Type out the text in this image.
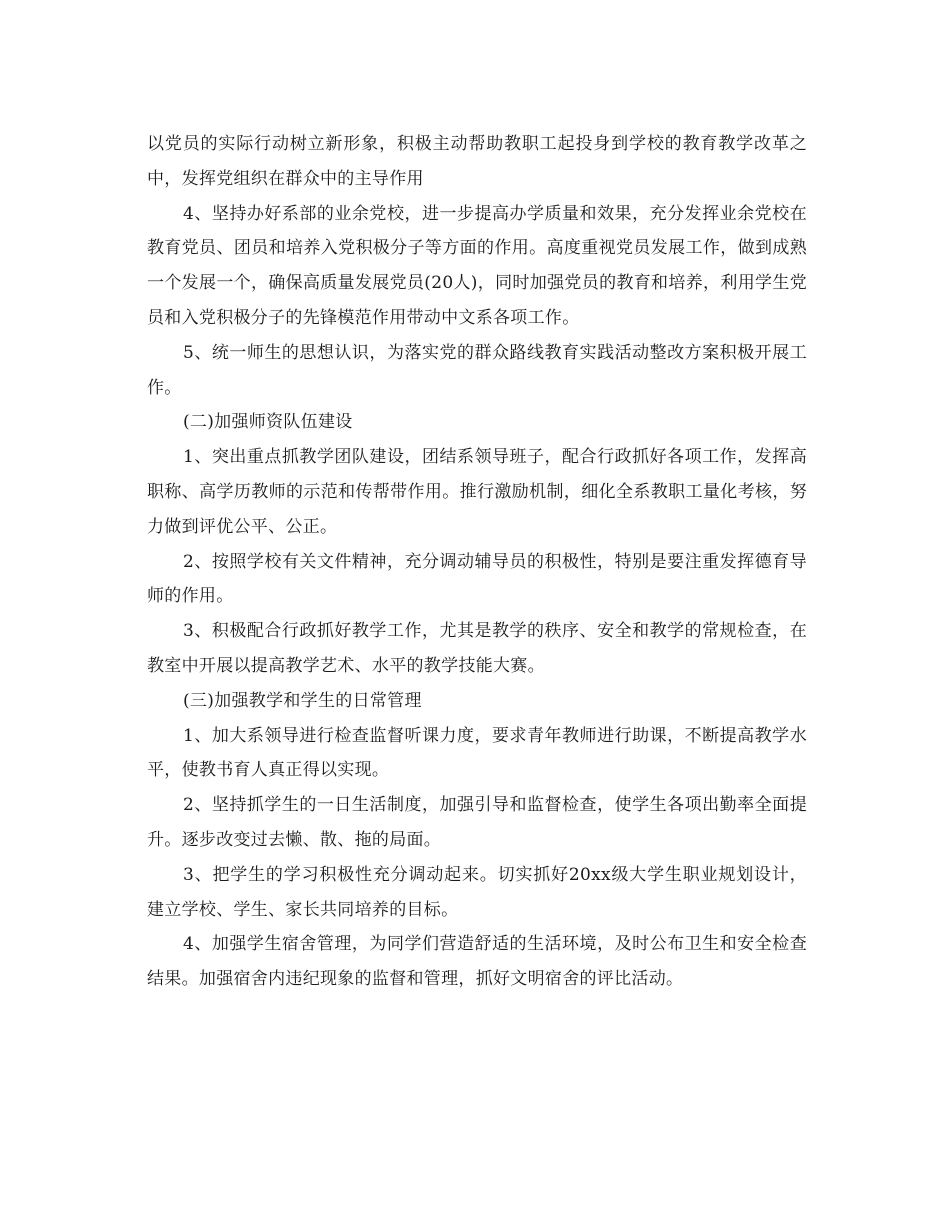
以党员的实际行动树立新形象，积极主动帮助教职工起投身到学校的教育教学改革之中，发挥党组织在群众中的主导作用

4、坚持办好系部的业余党校，进一步提高办学质量和效果，充分发挥业余党校在教育党员、团员和培养入党积极分子等方面的作用。高度重视党员发展工作，做到成熟一个发展一个，确保高质量发展党员(20人)，同时加强党员的教育和培养，利用学生党员和入党积极分子的先锋模范作用带动中文系各项工作。

5、统一师生的思想认识，为落实党的群众路线教育实践活动整改方案积极开展工作。

(二)加强师资队伍建设

1、突出重点抓教学团队建设，团结系领导班子，配合行政抓好各项工作，发挥高职称、高学历教师的示范和传帮带作用。推行激励机制，细化全系教职工量化考核，努力做到评优公平、公正。

2、按照学校有关文件精神，充分调动辅导员的积极性，特别是要注重发挥德育导师的作用。

3、积极配合行政抓好教学工作，尤其是教学的秩序、安全和教学的常规检查，在教室中开展以提高教学艺术、水平的教学技能大赛。

(三)加强教学和学生的日常管理

1、加大系领导进行检查监督听课力度，要求青年教师进行助课，不断提高教学水平，使教书育人真正得以实现。

2、坚持抓学生的一日生活制度，加强引导和监督检查，使学生各项出勤率全面提升。逐步改变过去懒、散、拖的局面。

3、把学生的学习积极性充分调动起来。切实抓好20xx级大学生职业规划设计，建立学校、学生、家长共同培养的目标。

4、加强学生宿舍管理，为同学们营造舒适的生活环境，及时公布卫生和安全检查结果。加强宿舍内违纪现象的监督和管理，抓好文明宿舍的评比活动。
